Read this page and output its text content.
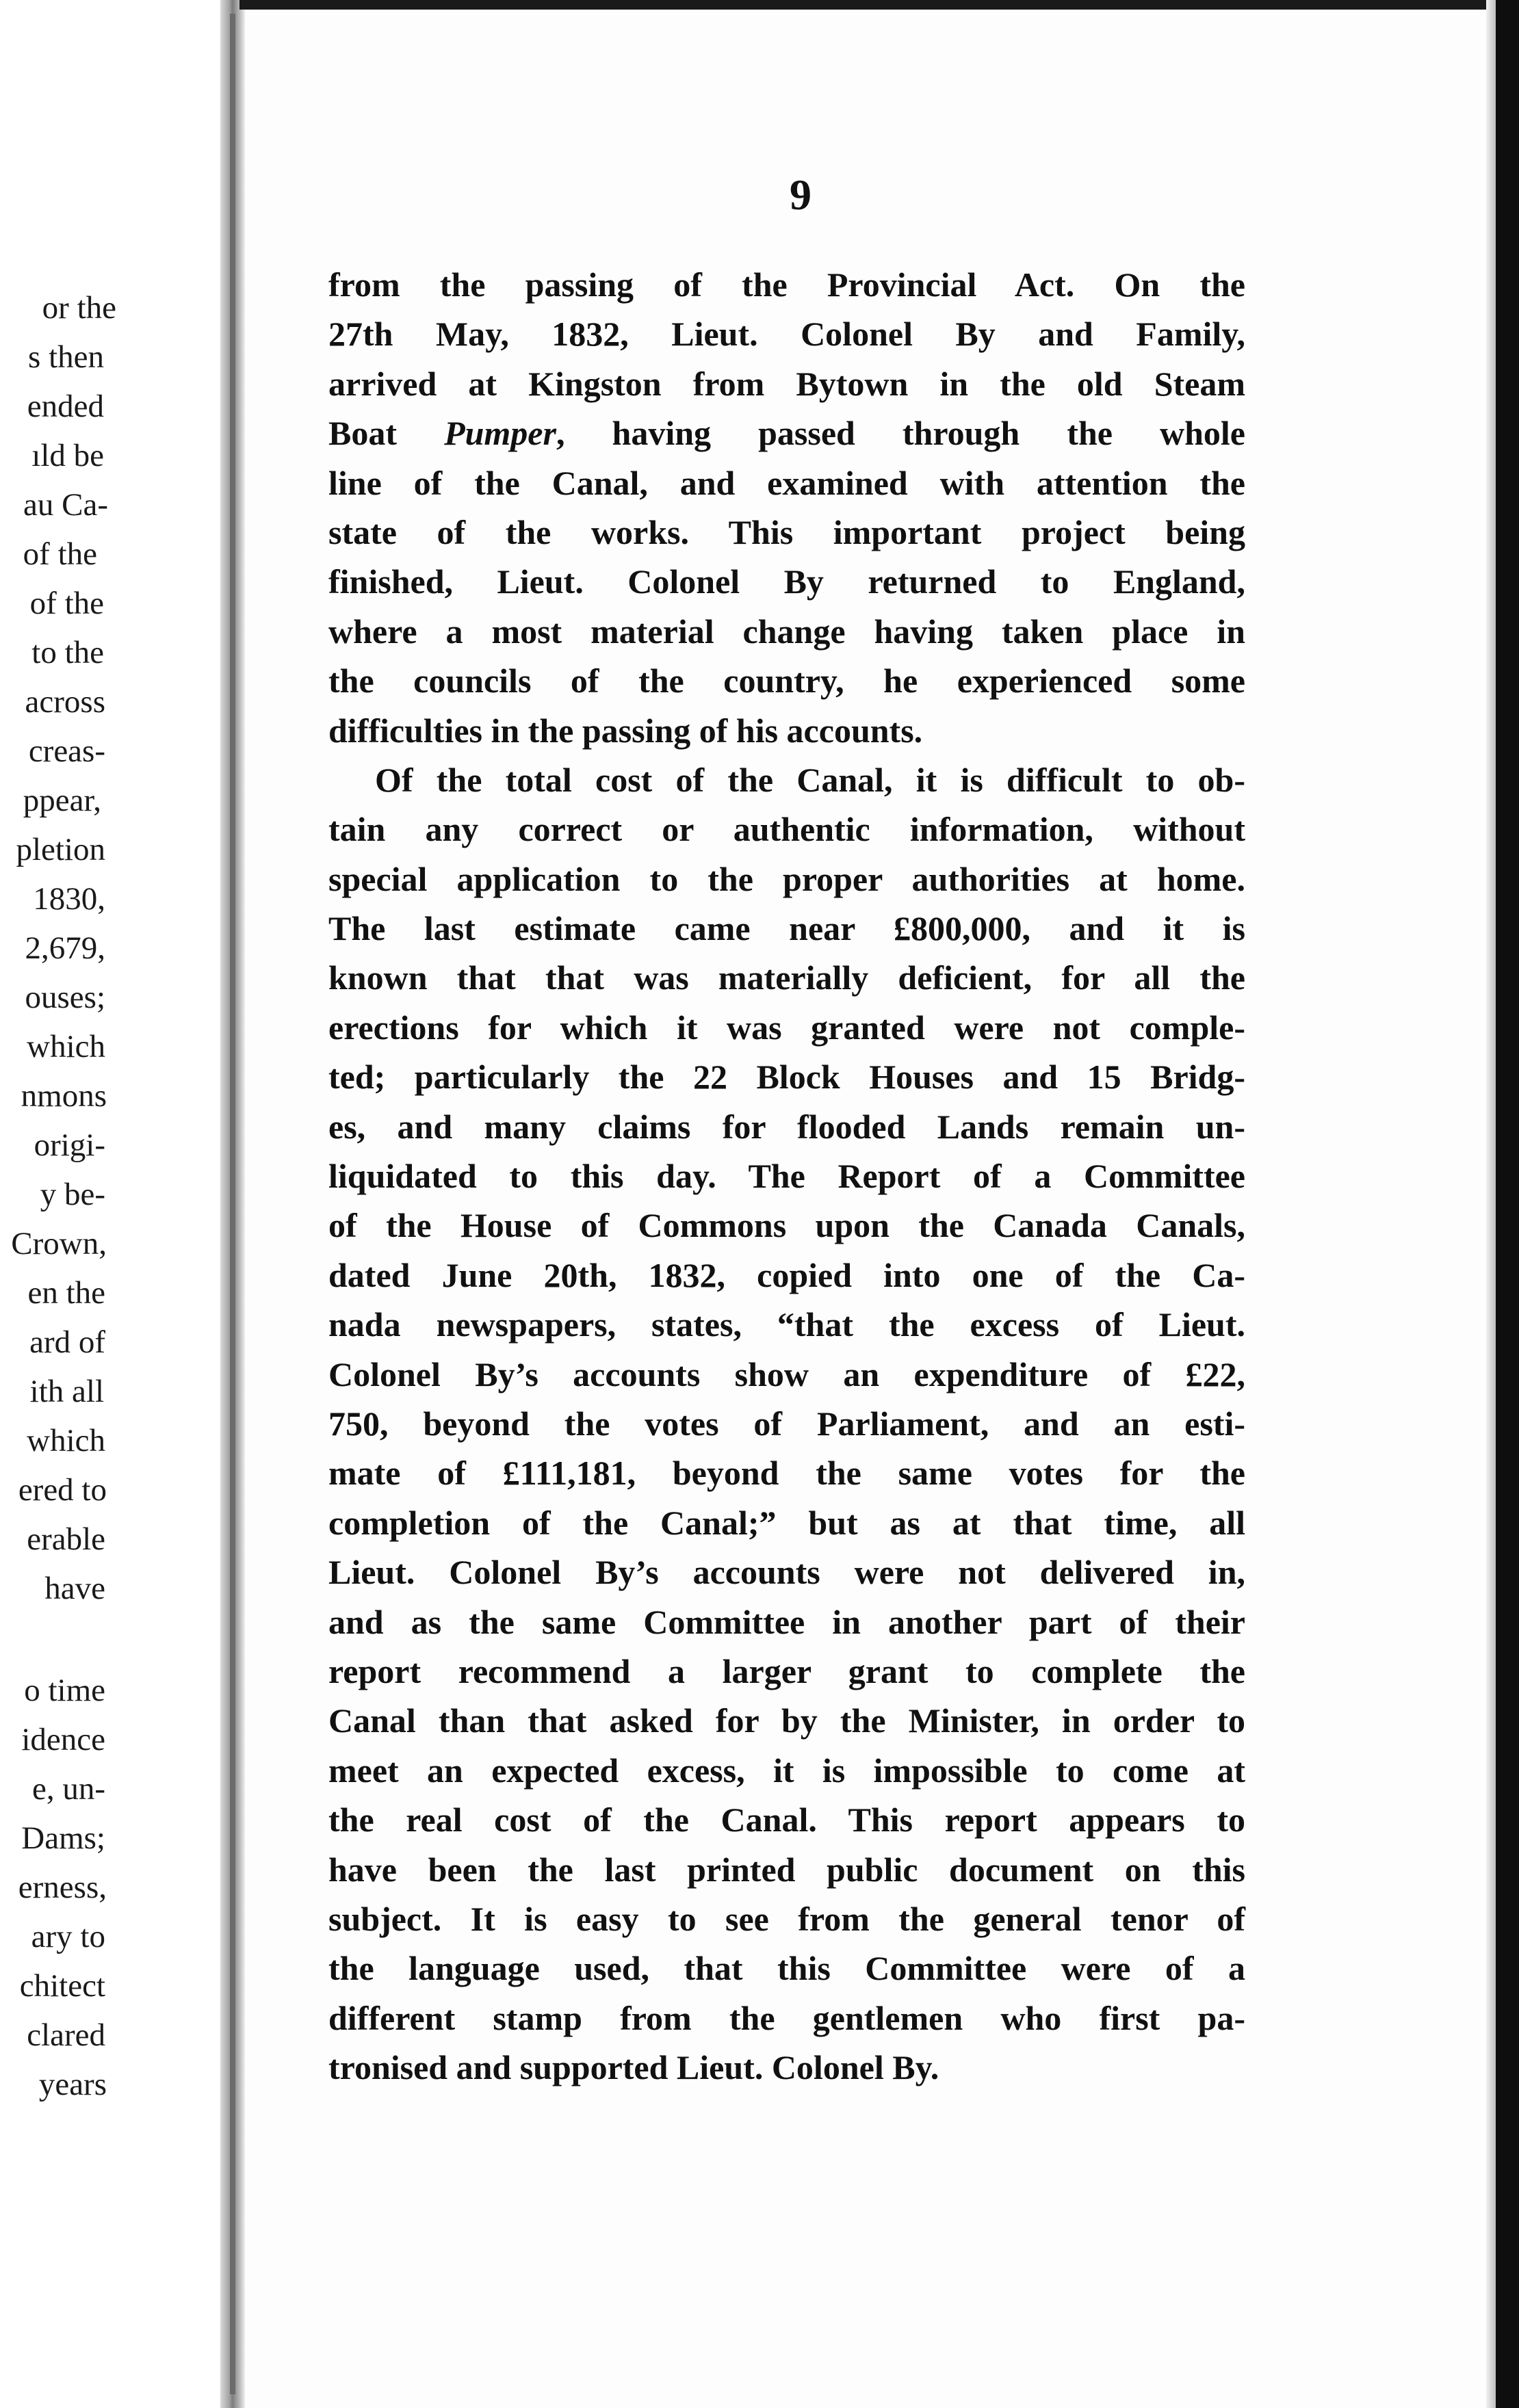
or the
s then
ended
ıld be
au Ca-
of the
of the
to the
across
creas-
ppear,
pletion
1830,
2,679,
ouses;
which
nmons
origi-
y be-
Crown,
en the
ard of
ith all
which
ered to
erable
have
o time
idence
e, un-
Dams;
erness,
ary to
chitect
clared
years
9
from the passing of the Provincial Act. On the
27th May, 1832, Lieut. Colonel By and Family,
arrived at Kingston from Bytown in the old Steam
Boat Pumper, having passed through the whole
line of the Canal, and examined with attention the
state of the works. This important project being
finished, Lieut. Colonel By returned to England,
where a most material change having taken place in
the councils of the country, he experienced some
difficulties in the passing of his accounts.
Of the total cost of the Canal, it is difficult to ob-
tain any correct or authentic information, without
special application to the proper authorities at home.
The last estimate came near £800,000, and it is
known that that was materially deficient, for all the
erections for which it was granted were not comple-
ted; particularly the 22 Block Houses and 15 Bridg-
es, and many claims for flooded Lands remain un-
liquidated to this day. The Report of a Committee
of the House of Commons upon the Canada Canals,
dated June 20th, 1832, copied into one of the Ca-
nada newspapers, states, “that the excess of Lieut.
Colonel By’s accounts show an expenditure of £22,
750, beyond the votes of Parliament, and an esti-
mate of £111,181, beyond the same votes for the
completion of the Canal;” but as at that time, all
Lieut. Colonel By’s accounts were not delivered in,
and as the same Committee in another part of their
report recommend a larger grant to complete the
Canal than that asked for by the Minister, in order to
meet an expected excess, it is impossible to come at
the real cost of the Canal. This report appears to
have been the last printed public document on this
subject. It is easy to see from the general tenor of
the language used, that this Committee were of a
different stamp from the gentlemen who first pa-
tronised and supported Lieut. Colonel By.
